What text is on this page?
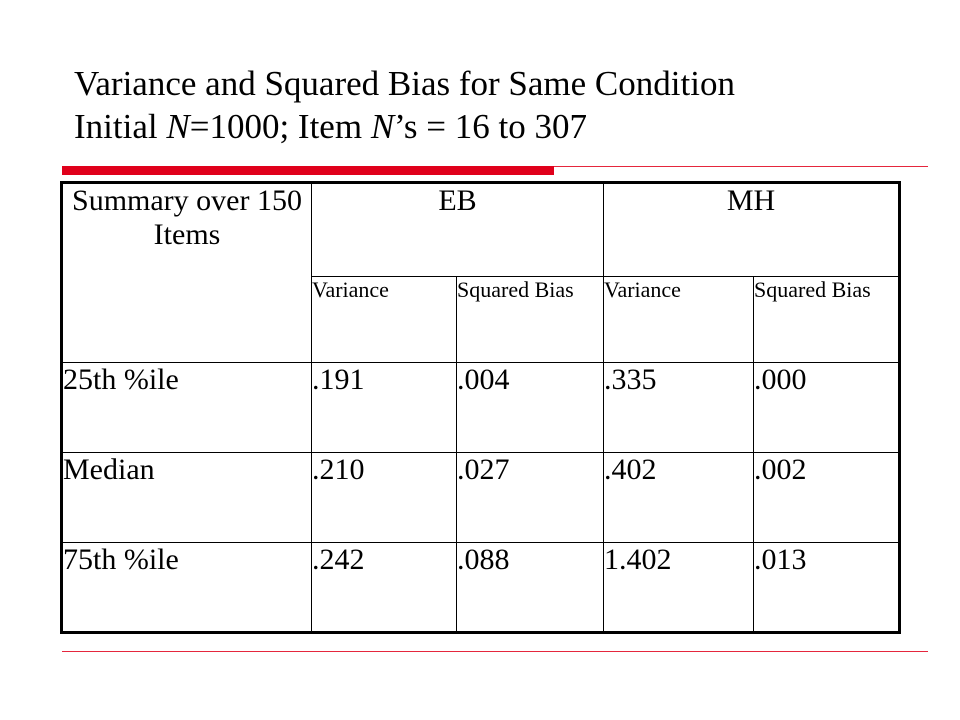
Variance and Squared Bias for Same Condition
Initial N=1000; Item N’s = 16 to 307
Summary over 150 Items	EB		MH	
	Variance	Squared Bias	Variance	Squared Bias
25th %ile	.191	.004	.335	.000
Median	.210	.027	.402	.002
75th %ile	.242	.088	1.402	.013
